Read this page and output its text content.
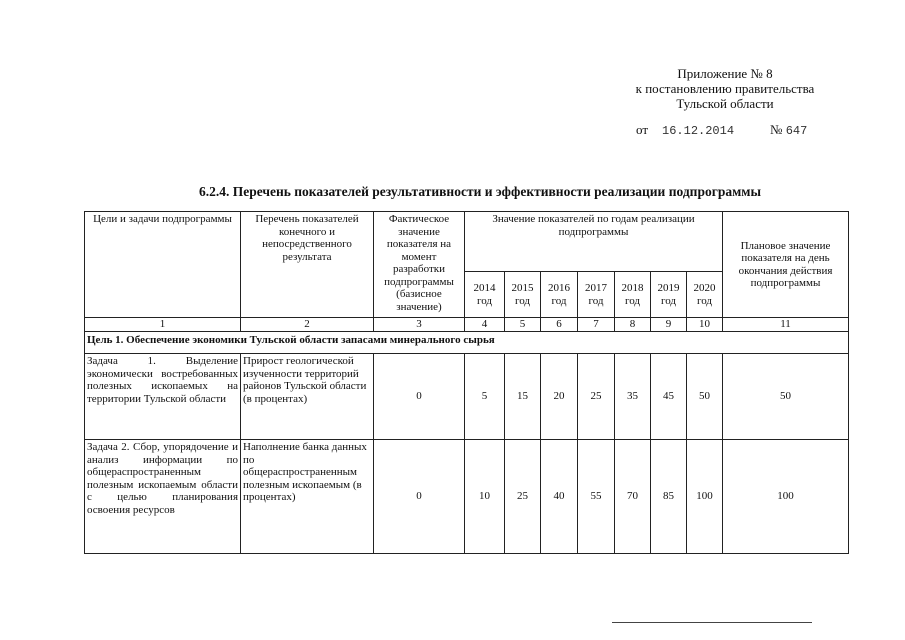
Приложение № 8
к постановлению правительства
Тульской области
от 16.12.2014	№ 647
6.2.4. Перечень показателей результативности и эффективности реализации подпрограммы
Цели и задачи подпрограммы	Перечень показателей конечного и непосредственного результата	Фактическое значение показателя на момент разработки подпрограммы (базисное значение)	Значение показателей по годам реализации подпрограммы							Плановое значение показателя на день окончания действия подпрограммы
			2014 год	2015 год	2016 год	2017 год	2018 год	2019 год	2020 год	
1	2	3	4	5	6	7	8	9	10	11
Цель 1. Обеспечение экономики Тульской области запасами минерального сырья										
Задача 1. Выделение экономически востребованных полезных ископаемых на территории Тульской области	Прирост геологической изученности территорий районов Тульской области (в процентах)	0	5	15	20	25	35	45	50	50
Задача 2. Сбор, упорядочение и анализ информации по общераспространенным полезным ископаемым области с целью планирования освоения ресурсов	Наполнение банка данных по общераспространенным полезным ископаемым (в процентах)	0	10	25	40	55	70	85	100	100
